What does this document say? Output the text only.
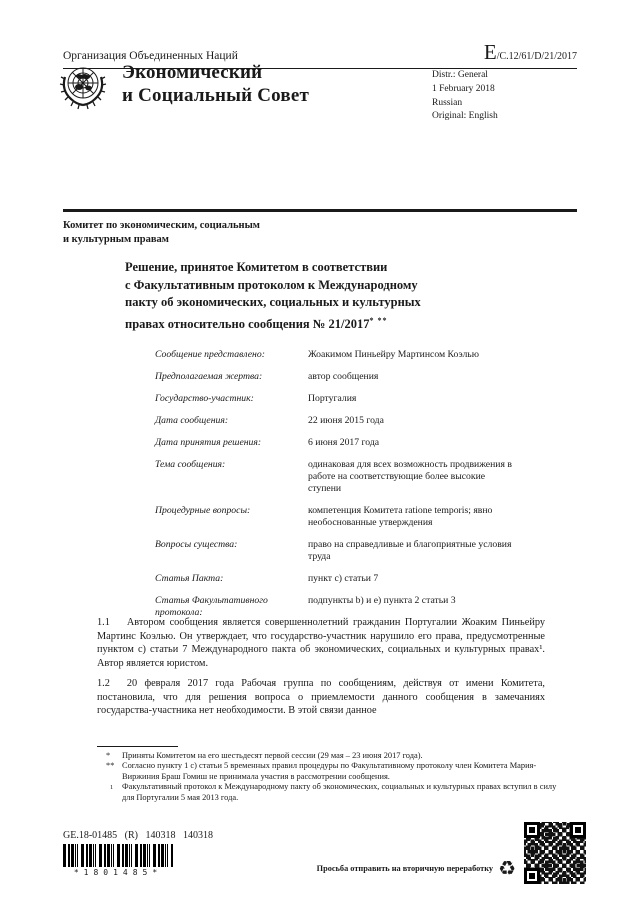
Организация Объединенных Наций	E/C.12/61/D/21/2017
Экономический
и Социальный Совет
Distr.: General
1 February 2018
Russian
Original: English
Комитет по экономическим, социальным
и культурным правам
Решение, принятое Комитетом в соответствии
с Факультативным протоколом к Международному
пакту об экономических, социальных и культурных
правах относительно сообщения № 21/2017* **
Сообщение представлено:	Жоакимом Пиньейру Мартинсом Коэлью
Предполагаемая жертва:	автор сообщения
Государство-участник:	Португалия
Дата сообщения:	22 июня 2015 года
Дата принятия решения:	6 июня 2017 года
Тема сообщения:	одинаковая для всех возможность продвижения в работе на соответствующие более высокие ступени
Процедурные вопросы:	компетенция Комитета ratione temporis; явно необоснованные утверждения
Вопросы существа:	право на справедливые и благоприятные условия труда
Статья Пакта:	пункт c) статьи 7
Статья Факультативного протокола:
подпункты b) и e) пункта 2 статьи 3

1.1 Автором сообщения является совершеннолетний гражданин Португалии Жоаким Пиньейру Мартинс Коэлью. Он утверждает, что государство-участник нарушило его права, предусмотренные пунктом c) статьи 7 Международного пакта об экономических, социальных и культурных правах¹. Автор является юристом.

1.2 20 февраля 2017 года Рабочая группа по сообщениям, действуя от имени Комитета, постановила, что для решения вопроса о приемлемости данного сообщения в замечаниях государства-участника нет необходимости. В этой связи данное

*	Приняты Комитетом на его шестьдесят первой сессии (29 мая – 23 июня 2017 года).
** Согласно пункту 1 c) статьи 5 временных правил процедуры по Факультативному протоколу член Комитета Мария-Виржиния Браш Гомиш не принимала участия в рассмотрении сообщения.
1	Факультативный протокол к Международному пакту об экономических, социальных и культурных правах вступил в силу для Португалии 5 мая 2013 года.
GE.18-01485 (R) 140318 140318
*1801485*	Просьба отправить на вторичную переработку ♻
